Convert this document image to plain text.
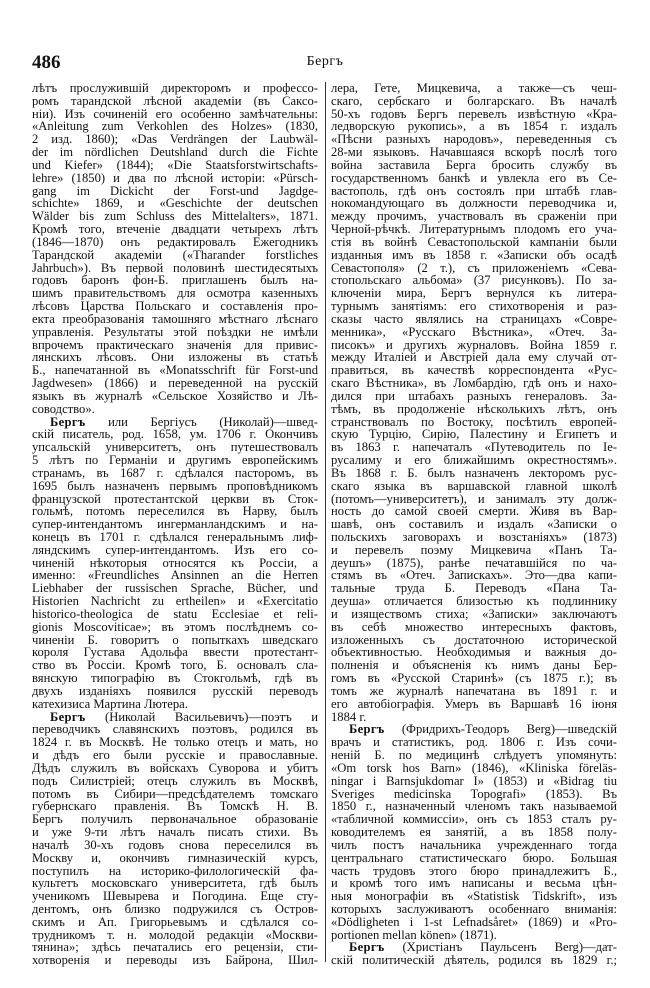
486	Бергъ
лѣтъ прослужившій директоромъ и профессо-
ромъ тарандской лѣсной академіи (въ Саксо-
ніи). Изъ сочиненій его особенно замѣчательны:
«Anleitung zum Verkohlen des Holzes» (1830,
2 изд. 1860); «Das Verdrängen der Laubwäl-
der im nördlichen Deutshland durch die Fichte
und Kiefer» (1844); «Die Staatsforstwirtschafts-
lehre» (1850) и два по лѣсной исторіи: «Pürsch-
gang im Dickicht der Forst-und Jagdge-
schichte» 1869, и «Geschichte der deutschen
Wälder bis zum Schluss des Mittelalters», 1871.
Кромѣ того, втеченіе двадцати четырехъ лѣтъ
(1846—1870) онъ редактировалъ Ежегодникъ
Тарандской академіи («Tharander forstliches
Jahrbuch»). Въ первой половинѣ шестидесятыхъ
годовъ баронъ фон-Б. приглашенъ былъ на-
шимъ правительствомъ для осмотра казенныхъ
лѣсовъ Царства Польскаго и составленія про-
екта преобразованія тамошняго мѣстнаго лѣснаго
управленія. Результаты этой поѣздки не имѣли
впрочемъ практическаго значенія для привис-
лянскихъ лѣсовъ. Они изложены въ статьѣ
Б., напечатанной въ «Monatsschrift für Forst-und
Jagdwesen» (1866) и переведенной на русскій
языкъ въ журналѣ «Сельское Хозяйство и Лѣ-
соводство».
Бергъ или Бергіусъ (Николай)—швед-
скій писатель, род. 1658, ум. 1706 г. Окончивъ
упсальскій университетъ, онъ путешествовалъ
5 лѣтъ по Германіи и другимъ европейскимъ
странамъ, въ 1687 г. сдѣлался пасторомъ, въ
1695 былъ назначенъ первымъ проповѣдникомъ
французской протестантской церкви въ Сток-
гольмѣ, потомъ переселился въ Нарву, былъ
супер-интендантомъ ингерманландскимъ и на-
конецъ въ 1701 г. сдѣлался генеральнымъ лиф-
ляндскимъ супер-интендантомъ. Изъ его со-
чиненій нѣкоторыя относятся къ Россіи, а
именно: «Freundliches Ansinnen an die Herren
Liebhaber der russischen Sprache, Bücher, und
Historien Nachricht zu ertheilen» и «Exercitatio
historico-theologica de statu Ecclesiae et reli-
gionis Moscoviticae»; въ этомъ послѣднемъ со-
чиненіи Б. говоритъ о попыткахъ шведскаго
короля Густава Адольфа ввести протестант-
ство въ Россіи. Кромѣ того, Б. основалъ сла-
вянскую типографію въ Стокгольмѣ, гдѣ въ
двухъ изданіяхъ появился русскій переводъ
катехизиса Мартина Лютера.
Бергъ (Николай Васильевичъ)—поэтъ и
переводчикъ славянскихъ поэтовъ, родился въ
1824 г. въ Москвѣ. Не только отецъ и мать, но
и дѣдъ его были русскіе и православные.
Дѣдъ служилъ въ войскахъ Суворова и убитъ
подъ Силистріей; отецъ служилъ въ Москвѣ,
потомъ въ Сибири—предсѣдателемъ томскаго
губернскаго правленія. Въ Томскѣ Н. В.
Бергъ получилъ первоначальное образованіе
и уже 9-ти лѣтъ началъ писать стихи. Въ
началѣ 30-хъ годовъ снова переселился въ
Москву и, окончивъ гимназическій курсъ,
поступилъ на историко-филологическій фа-
культетъ московскаго университета, гдѣ былъ
ученикомъ Шевырева и Погодина. Еще сту-
дентомъ, онъ близко подружился съ Остров-
скимъ и Ап. Григорьевымъ и сдѣлался со-
трудникомъ т. н. молодой редакціи «Москви-
тянина»; здѣсь печатались его рецензіи, сти-
хотворенія и переводы изъ Байрона, Шил-
лера, Гете, Мицкевича, а также—съ чеш-
скаго, сербскаго и болгарскаго. Въ началѣ
50-хъ годовъ Бергъ перевелъ извѣстную «Кра-
ледворскую рукопись», а въ 1854 г. издалъ
«Пѣсни разныхъ народовъ», переведенныя съ
28-ми языковъ. Начавшаяся вскорѣ послѣ того
война заставила Берга бросить службу въ
государственномъ банкѣ и увлекла его въ Се-
вастополь, гдѣ онъ состоялъ при штабѣ глав-
нокомандующаго въ должности переводчика и,
между прочимъ, участвовалъ въ сраженіи при
Черной-рѣчкѣ. Литературнымъ плодомъ его уча-
стія въ войнѣ Севастопольской кампаніи были
изданныя имъ въ 1858 г. «Записки объ осадѣ
Севастополя» (2 т.), съ приложеніемъ «Сева-
стопольскаго альбома» (37 рисунковъ). По за-
ключеніи мира, Бергъ вернулся къ литера-
турнымъ занятіямъ: его стихотворенія и раз-
сказы часто являлись на страницахъ «Совре-
менника», «Русскаго Вѣстника», «Отеч. За-
писокъ» и другихъ журналовъ. Война 1859 г.
между Италіей и Австріей дала ему случай от-
правиться, въ качествѣ корреспондента «Рус-
скаго Вѣстника», въ Ломбардію, гдѣ онъ и нахо-
дился при штабахъ разныхъ генераловъ. За-
тѣмъ, въ продолженіе нѣсколькихъ лѣтъ, онъ
странствовалъ по Востоку, посѣтилъ европей-
скую Турцію, Сирію, Палестину и Египетъ и
въ 1863 г. напечаталъ «Путеводитель по Іе-
русалиму и его ближайшимъ окрестностямъ».
Въ 1868 г. Б. былъ назначенъ лекторомъ рус-
скаго языка въ варшавской главной школѣ
(потомъ—университетъ), и занималъ эту долж-
ность до самой своей смерти. Живя въ Вар-
шавѣ, онъ составилъ и издалъ «Записки о
польскихъ заговорахъ и возстаніяхъ» (1873)
и перевелъ поэму Мицкевича «Панъ Та-
деушъ» (1875), ранѣе печатавшійся по ча-
стямъ въ «Отеч. Запискахъ». Это—два капи-
тальные труда Б. Переводъ «Пана Та-
деуша» отличается близостью къ подлиннику
и изяществомъ стиха; «Записки» заключаютъ
въ себѣ множество интересныхъ фактовъ,
изложенныхъ съ достаточною исторической
объективностью. Необходимыя и важныя до-
полненія и объясненія къ нимъ даны Бер-
гомъ въ «Русской Старинѣ» (съ 1875 г.); въ
томъ же журналѣ напечатана въ 1891 г. и
его автобіографія. Умеръ въ Варшавѣ 16 іюня
1884 г.
Бергъ (Фридрихъ-Теодоръ Berg)—шведскій
врачъ и статистикъ, род. 1806 г. Изъ сочи-
неній Б. по медицинѣ слѣдуетъ упомянуть:
«Om torsk hos Barn» (1846), «Kliniska föreläs-
ningar i Barnsjukdomar I» (1853) и «Bidrag tiu
Sveriges medicinska Topografi» (1853). Въ
1850 г., назначенный членомъ такъ называемой
«табличной коммиссіи», онъ съ 1853 сталъ ру-
ководителемъ ея занятій, а въ 1858 полу-
чилъ постъ начальника учрежденнаго тогда
центральнаго статистическаго бюро. Большая
часть трудовъ этого бюро принадлежитъ Б.,
и кромѣ того имъ написаны и весьма цѣн-
ныя монографіи въ «Statistisk Tidskrift», изъ
которыхъ заслуживаютъ особеннаго вниманія:
«Dödligheten i 1-st Lefnadsåret» (1869) и «Pro-
portionen mellan könen» (1871).
Бергъ (Христіанъ Паульсенъ Berg)—дат-
скій политическій дѣятель, родился въ 1829 г.;
